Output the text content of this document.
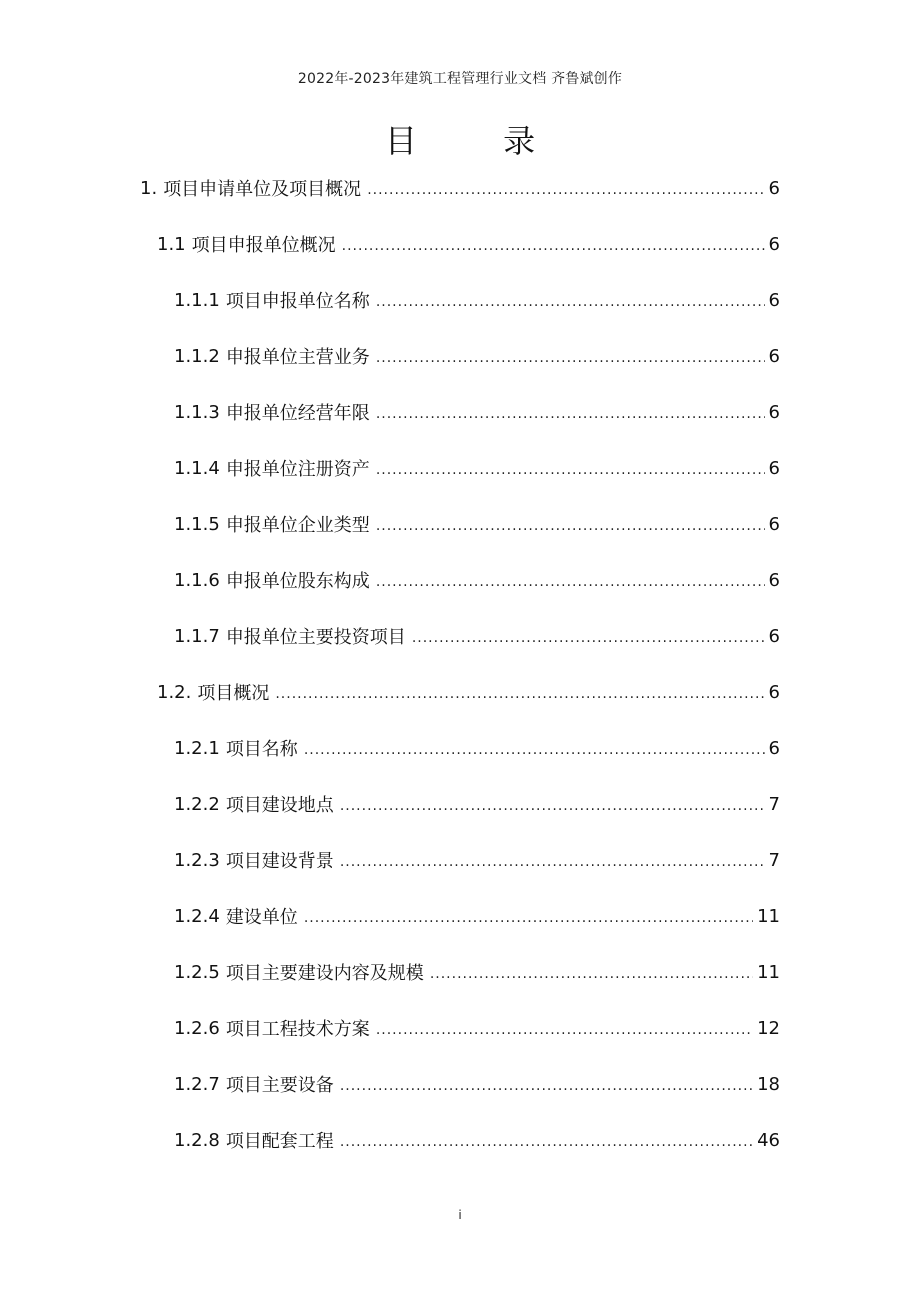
2022年-2023年建筑工程管理行业文档 齐鲁斌创作
目 录
1. 项目申请单位及项目概况 .....	6
1.1 项目申报单位概况 .....	6
1.1.1 项目申报单位名称 .....	6
1.1.2 申报单位主营业务 .....	6
1.1.3 申报单位经营年限 .....	6
1.1.4 申报单位注册资产 .....	6
1.1.5 申报单位企业类型 .....	6
1.1.6 申报单位股东构成 .....	6
1.1.7 申报单位主要投资项目 .....	6
1.2. 项目概况 .....	6
1.2.1 项目名称 .....	6
1.2.2 项目建设地点 .....	7
1.2.3 项目建设背景 .....	7
1.2.4 建设单位 .....	11
1.2.5 项目主要建设内容及规模 .....	11
1.2.6 项目工程技术方案 .....	12
1.2.7 项目主要设备 .....	18
1.2.8 项目配套工程 .....	46
i
